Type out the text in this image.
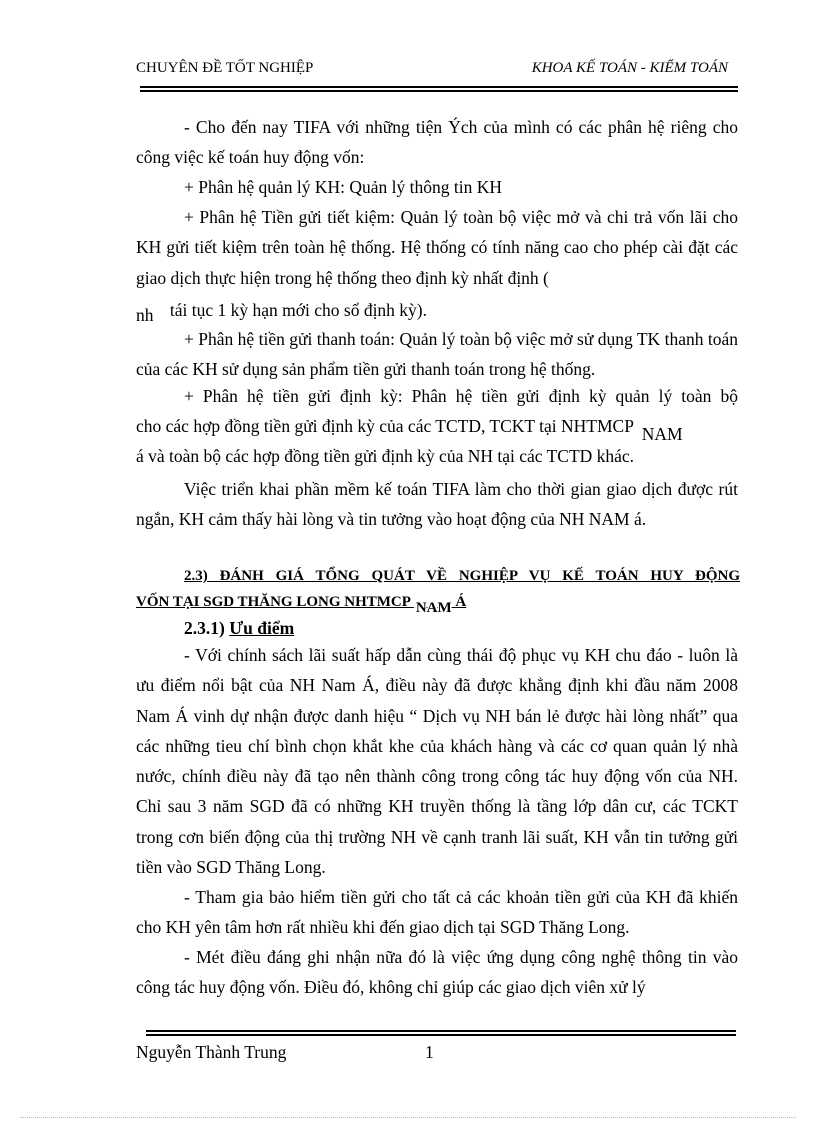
CHUYÊN ĐỀ TỐT NGHIỆP	KHOA KẾ TOÁN - KIỂM TOÁN

- Cho đến nay TIFA với những tiện Ých của mình có các phân hệ riêng cho công việc kế toán huy động vốn:

+ Phân hệ quản lý KH: Quản lý thông tin KH

+ Phân hệ Tiền gửi tiết kiệm: Quản lý toàn bộ việc mở và chi trả vốn lãi cho KH gửi tiết kiệm trên toàn hệ thống. Hệ thống có tính năng cao cho phép cài đặt các giao dịch thực hiện trong hệ thống theo định kỳ nhất định (

nh tái tục 1 kỳ hạn mới cho sổ định kỳ).

+ Phân hệ tiền gửi thanh toán: Quản lý toàn bộ việc mở sử dụng TK thanh toán của các KH sử dụng sản phẩm tiền gửi thanh toán trong hệ thống.

+ Phân hệ tiền gửi định kỳ: Phân hệ tiền gửi định kỳ quản lý toàn bộ

cho các hợp đồng tiền gửi định kỳ của các TCTD, TCKT tại NHTMCP NAM

á và toàn bộ các hợp đồng tiền gửi định kỳ của NH tại các TCTD khác.

Việc triển khai phần mềm kế toán TIFA làm cho thời gian giao dịch được rút ngắn, KH cảm thấy hài lòng và tin tưởng vào hoạt động của NH NAM á.

2.3) ĐÁNH GIÁ TỔNG QUÁT VỀ NGHIỆP VỤ KẾ TOÁN HUY ĐỘNG

VỐN TẠI SGD THĂNG LONG NHTMCP NAM Á
2.3.1) Ưu điểm

- Với chính sách lãi suất hấp dẫn cùng thái độ phục vụ KH chu đáo - luôn là ưu điểm nổi bật của NH Nam Á, điều này đã được khẳng định khi đầu năm 2008 Nam Á vinh dự nhận được danh hiệu “ Dịch vụ NH bán lẻ được hài lòng nhất” qua các những tieu chí bình chọn khắt khe của khách hàng và các cơ quan quản lý nhà nước, chính điều này đã tạo nên thành công trong công tác huy động vốn của NH. Chỉ sau 3 năm SGD đã có những KH truyền thống là tầng lớp dân cư, các TCKT trong cơn biến động của thị trường NH về cạnh tranh lãi suất, KH vẫn tin tưởng gửi tiền vào SGD Thăng Long.

- Tham gia bảo hiểm tiền gửi cho tất cả các khoản tiền gửi của KH đã khiến cho KH yên tâm hơn rất nhiều khi đến giao dịch tại SGD Thăng Long.

- Mét điều đáng ghi nhận nữa đó là việc ứng dụng công nghệ thông tin vào công tác huy động vốn. Điều đó, không chỉ giúp các giao dịch viên xử lý

Nguyễn Thành Trung	1
